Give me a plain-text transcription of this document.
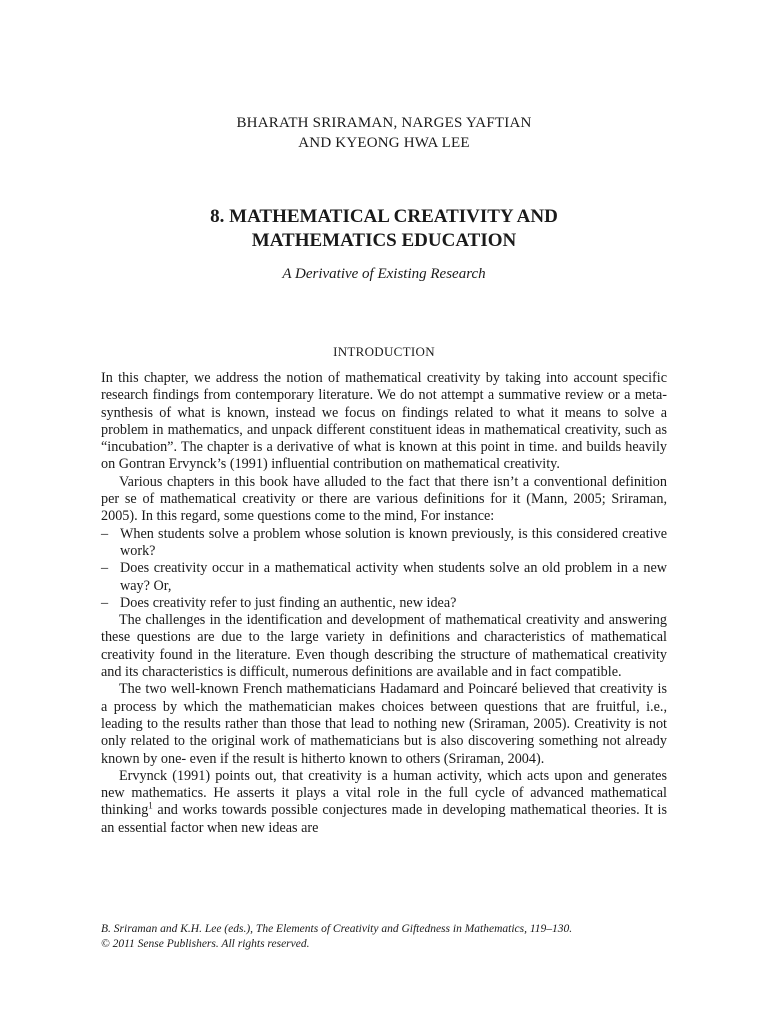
BHARATH SRIRAMAN, NARGES YAFTIAN
AND KYEONG HWA LEE
8. MATHEMATICAL CREATIVITY AND
MATHEMATICS EDUCATION
A Derivative of Existing Research
INTRODUCTION

In this chapter, we address the notion of mathematical creativity by taking into account specific research findings from contemporary literature. We do not attempt a summative review or a meta-synthesis of what is known, instead we focus on findings related to what it means to solve a problem in mathematics, and unpack different constituent ideas in mathematical creativity, such as “incubation”. The chapter is a derivative of what is known at this point in time. and builds heavily on Gontran Ervynck’s (1991) influential contribution on mathematical creativity.

Various chapters in this book have alluded to the fact that there isn’t a conventional definition per se of mathematical creativity or there are various definitions for it (Mann, 2005; Sriraman, 2005). In this regard, some questions come to the mind, For instance:

– When students solve a problem whose solution is known previously, is this considered creative work?
– Does creativity occur in a mathematical activity when students solve an old problem in a new way? Or,
– Does creativity refer to just finding an authentic, new idea?

The challenges in the identification and development of mathematical creativity and answering these questions are due to the large variety in definitions and characteristics of mathematical creativity found in the literature. Even though describing the structure of mathematical creativity and its characteristics is difficult, numerous definitions are available and in fact compatible.

The two well-known French mathematicians Hadamard and Poincaré believed that creativity is a process by which the mathematician makes choices between questions that are fruitful, i.e., leading to the results rather than those that lead to nothing new (Sriraman, 2005). Creativity is not only related to the original work of mathematicians but is also discovering something not already known by one- even if the result is hitherto known to others (Sriraman, 2004).

Ervynck (1991) points out, that creativity is a human activity, which acts upon and generates new mathematics. He asserts it plays a vital role in the full cycle of advanced mathematical thinking$^1$ and works towards possible conjectures made in developing mathematical theories. It is an essential factor when new ideas are

B. Sriraman and K.H. Lee (eds.), The Elements of Creativity and Giftedness in Mathematics, 119–130.
© 2011 Sense Publishers. All rights reserved.
